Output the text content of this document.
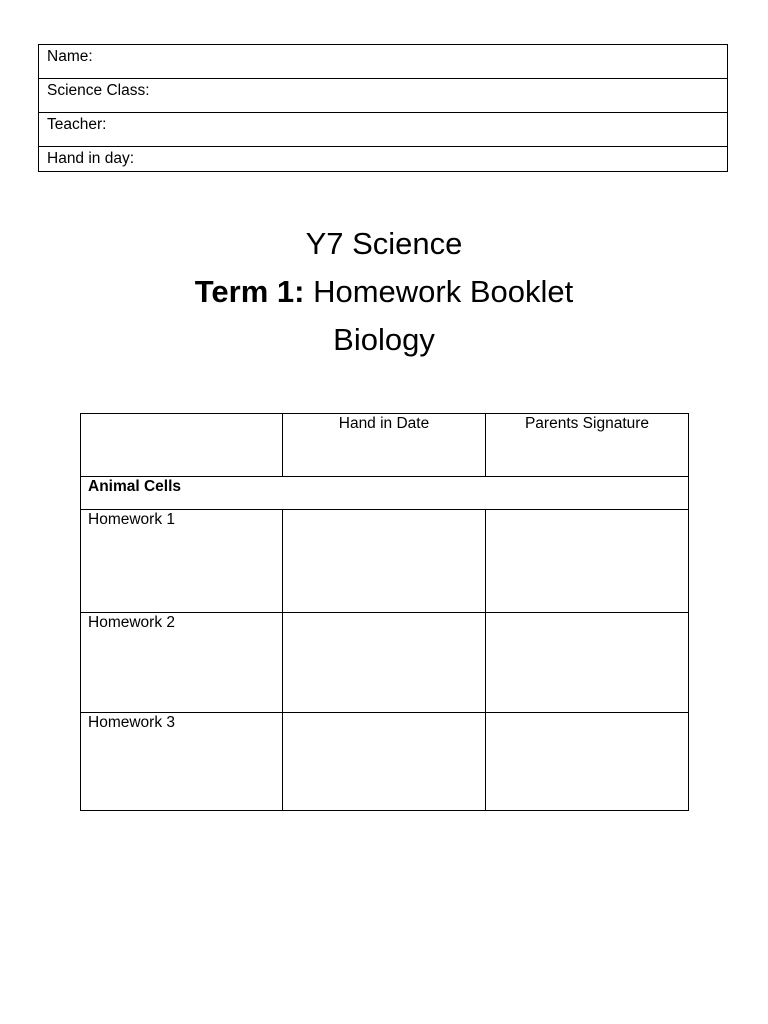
Name:
Science Class:
Teacher:
Hand in day:
Y7 Science
Term 1: Homework Booklet
Biology
	Hand in Date	Parents Signature
Animal Cells		
Homework 1		
Homework 2		
Homework 3		
